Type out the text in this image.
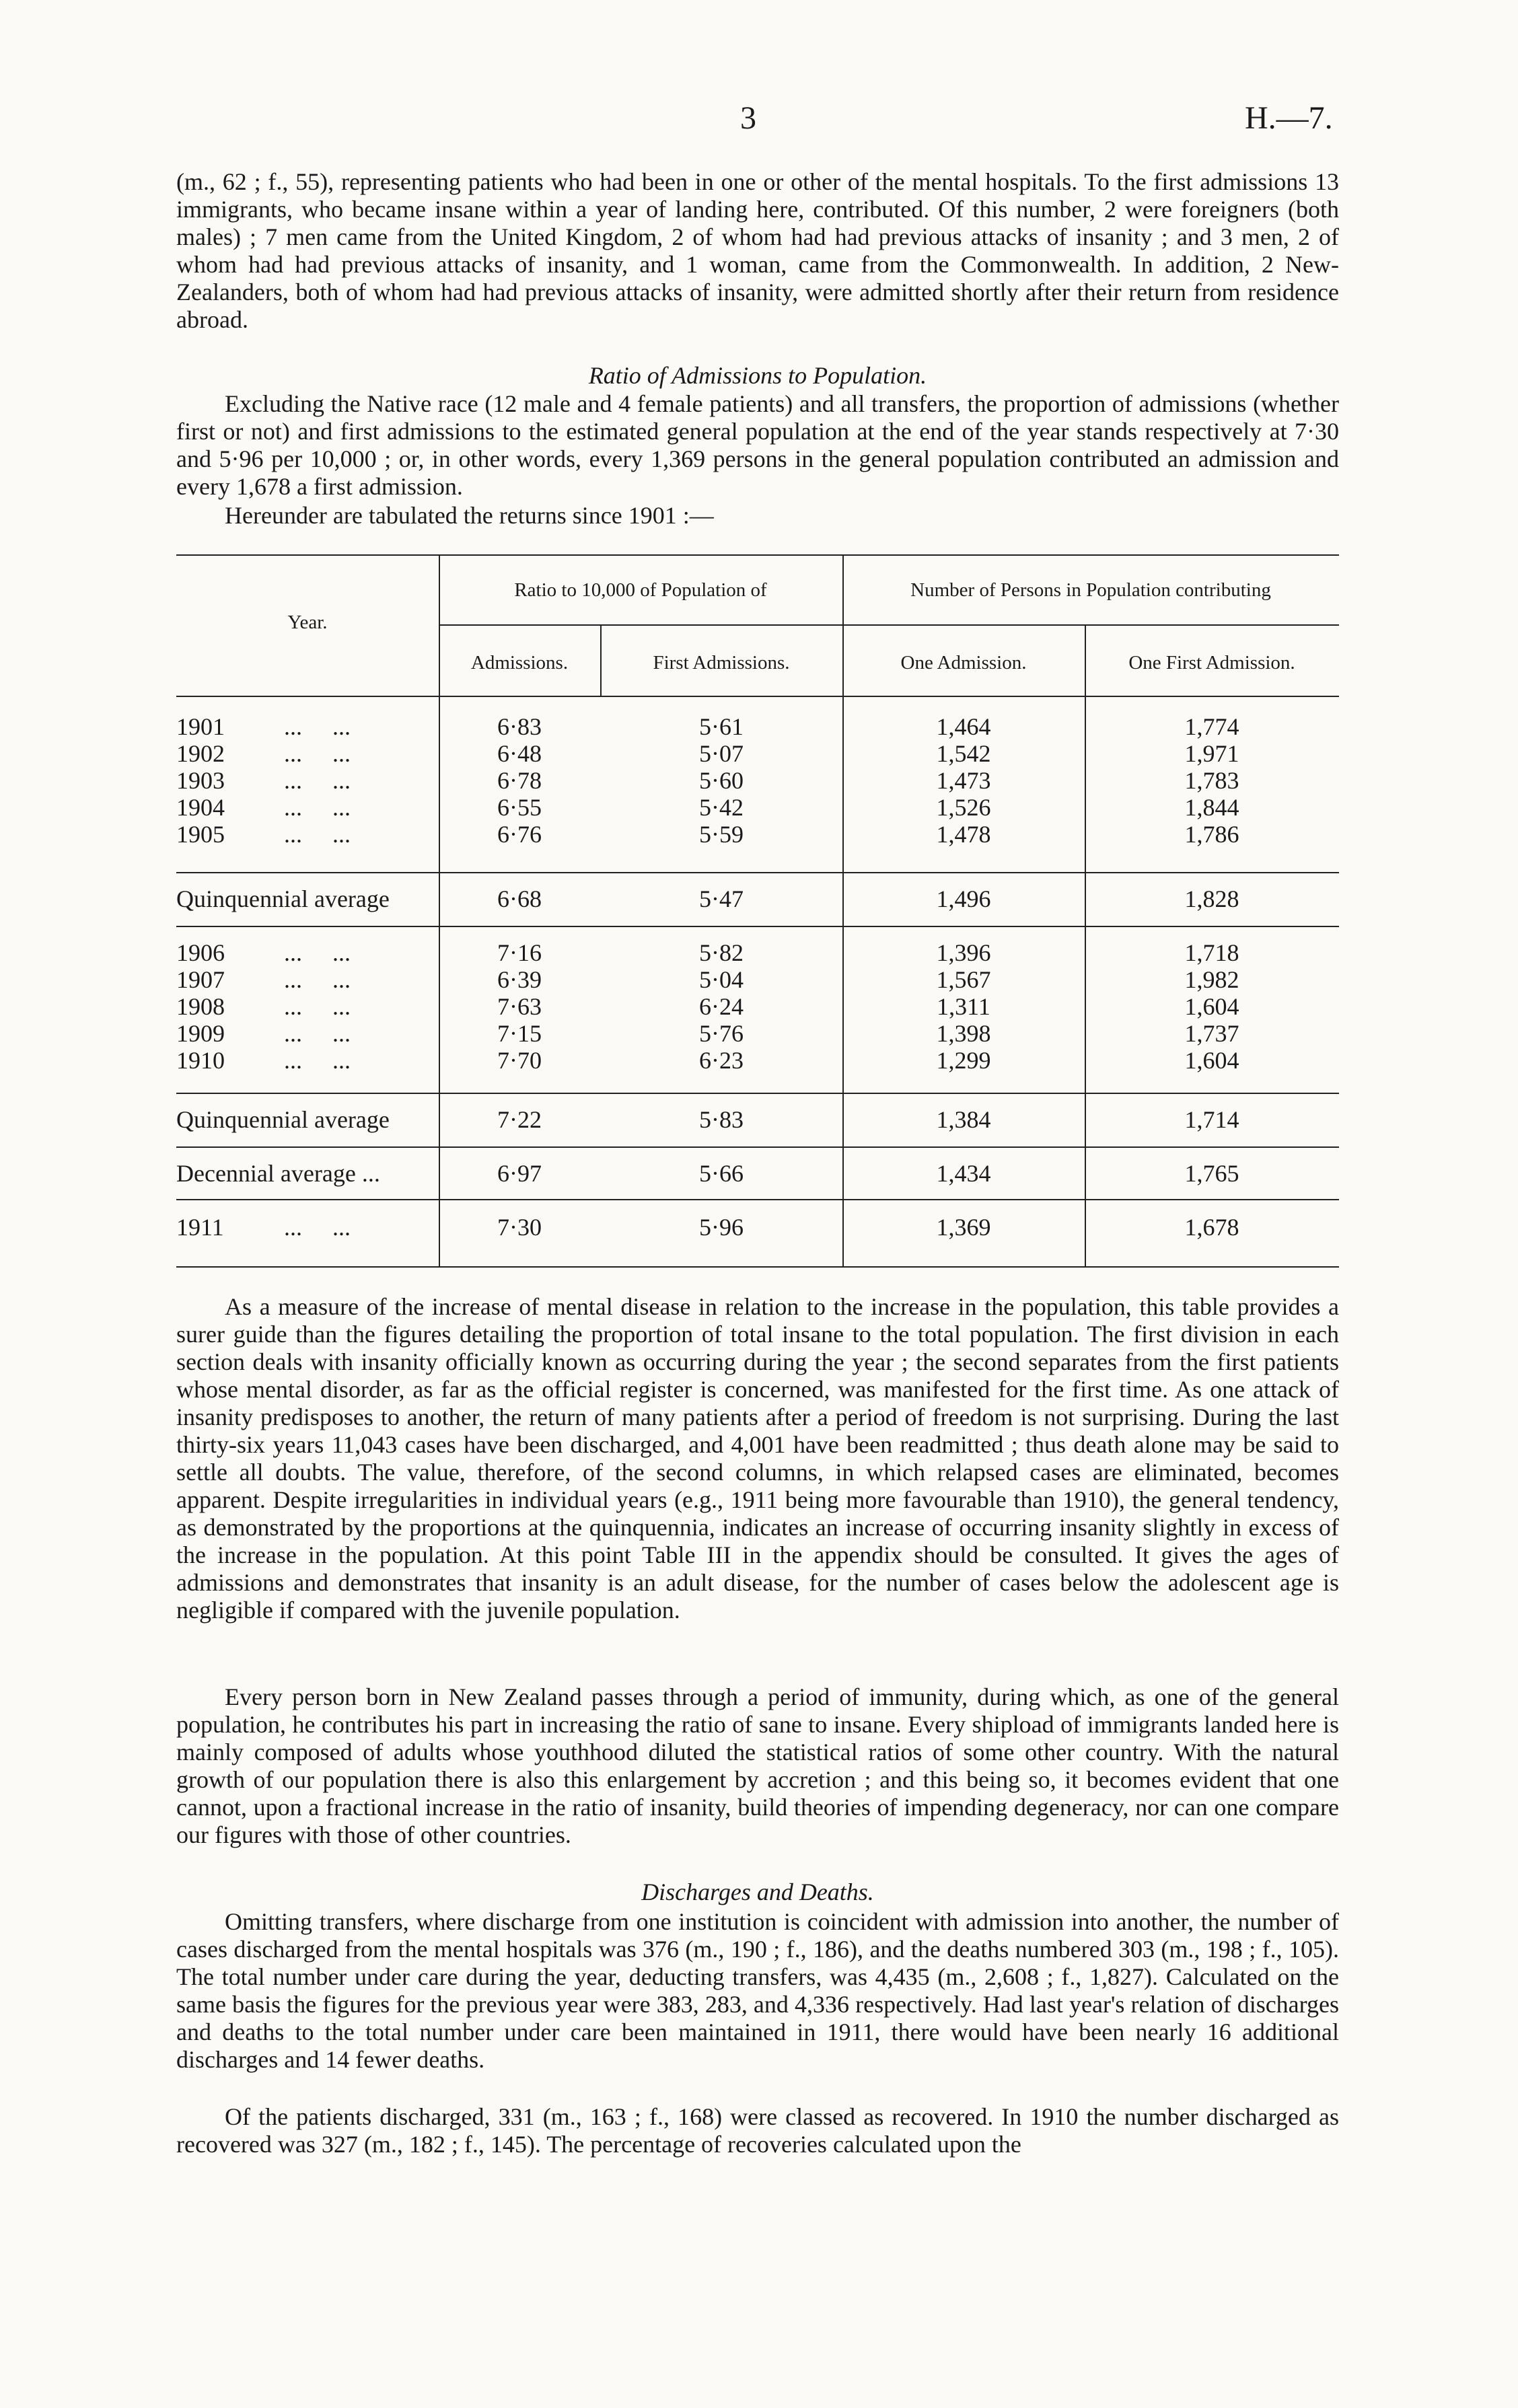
3	H.—7.

(m., 62 ; f., 55), representing patients who had been in one or other of the mental hospitals. To the first admissions 13 immigrants, who became insane within a year of landing here, contributed. Of this number, 2 were foreigners (both males) ; 7 men came from the United Kingdom, 2 of whom had had previous attacks of insanity ; and 3 men, 2 of whom had had previous attacks of insanity, and 1 woman, came from the Commonwealth. In addition, 2 New-Zealanders, both of whom had had previous attacks of insanity, were admitted shortly after their return from residence abroad.

Ratio of Admissions to Population.

Excluding the Native race (12 male and 4 female patients) and all transfers, the proportion of admissions (whether first or not) and first admissions to the estimated general population at the end of the year stands respectively at 7·30 and 5·96 per 10,000 ; or, in other words, every 1,369 persons in the general population contributed an admission and every 1,678 a first admission.

Hereunder are tabulated the returns since 1901 :—

Year.
Ratio to 10,000 of Population of	Number of Persons in Population contributing
Admissions.	First Admissions.	One Admission.	One First Admission.
1901 ...     ...	6·83	5·61	1,464	1,774
1902 ...     ...	6·48	5·07	1,542	1,971
1903 ...     ...	6·78	5·60	1,473	1,783
1904 ...     ...	6·55	5·42	1,526	1,844
1905 ...     ...	6·76	5·59	1,478	1,786
Quinquennial average	6·68	5·47	1,496	1,828
1906 ...     ...	7·16	5·82	1,396	1,718
1907 ...     ...	6·39	5·04	1,567	1,982
1908 ...     ...	7·63	6·24	1,311	1,604
1909 ...     ...	7·15	5·76	1,398	1,737
1910 ...     ...	7·70	6·23	1,299	1,604
Quinquennial average	7·22	5·83	1,384	1,714
Decennial average ...	6·97	5·66	1,434	1,765
1911 ...     ...	7·30	5·96	1,369	1,678

As a measure of the increase of mental disease in relation to the increase in the population, this table provides a surer guide than the figures detailing the proportion of total insane to the total population. The first division in each section deals with insanity officially known as occurring during the year ; the second separates from the first patients whose mental disorder, as far as the official register is concerned, was manifested for the first time. As one attack of insanity predisposes to another, the return of many patients after a period of freedom is not surprising. During the last thirty-six years 11,043 cases have been discharged, and 4,001 have been readmitted ; thus death alone may be said to settle all doubts. The value, therefore, of the second columns, in which relapsed cases are eliminated, becomes apparent. Despite irregularities in individual years (e.g., 1911 being more favourable than 1910), the general tendency, as demonstrated by the proportions at the quinquennia, indicates an increase of occurring insanity slightly in excess of the increase in the population. At this point Table III in the appendix should be consulted. It gives the ages of admissions and demonstrates that insanity is an adult disease, for the number of cases below the adolescent age is negligible if compared with the juvenile population.

Every person born in New Zealand passes through a period of immunity, during which, as one of the general population, he contributes his part in increasing the ratio of sane to insane. Every shipload of immigrants landed here is mainly composed of adults whose youthhood diluted the statistical ratios of some other country. With the natural growth of our population there is also this enlargement by accretion ; and this being so, it becomes evident that one cannot, upon a fractional increase in the ratio of insanity, build theories of impending degeneracy, nor can one compare our figures with those of other countries.

Discharges and Deaths.

Omitting transfers, where discharge from one institution is coincident with admission into another, the number of cases discharged from the mental hospitals was 376 (m., 190 ; f., 186), and the deaths numbered 303 (m., 198 ; f., 105). The total number under care during the year, deducting transfers, was 4,435 (m., 2,608 ; f., 1,827). Calculated on the same basis the figures for the previous year were 383, 283, and 4,336 respectively. Had last year's relation of discharges and deaths to the total number under care been maintained in 1911, there would have been nearly 16 additional discharges and 14 fewer deaths.

Of the patients discharged, 331 (m., 163 ; f., 168) were classed as recovered. In 1910 the number discharged as recovered was 327 (m., 182 ; f., 145). The percentage of recoveries calculated upon the
